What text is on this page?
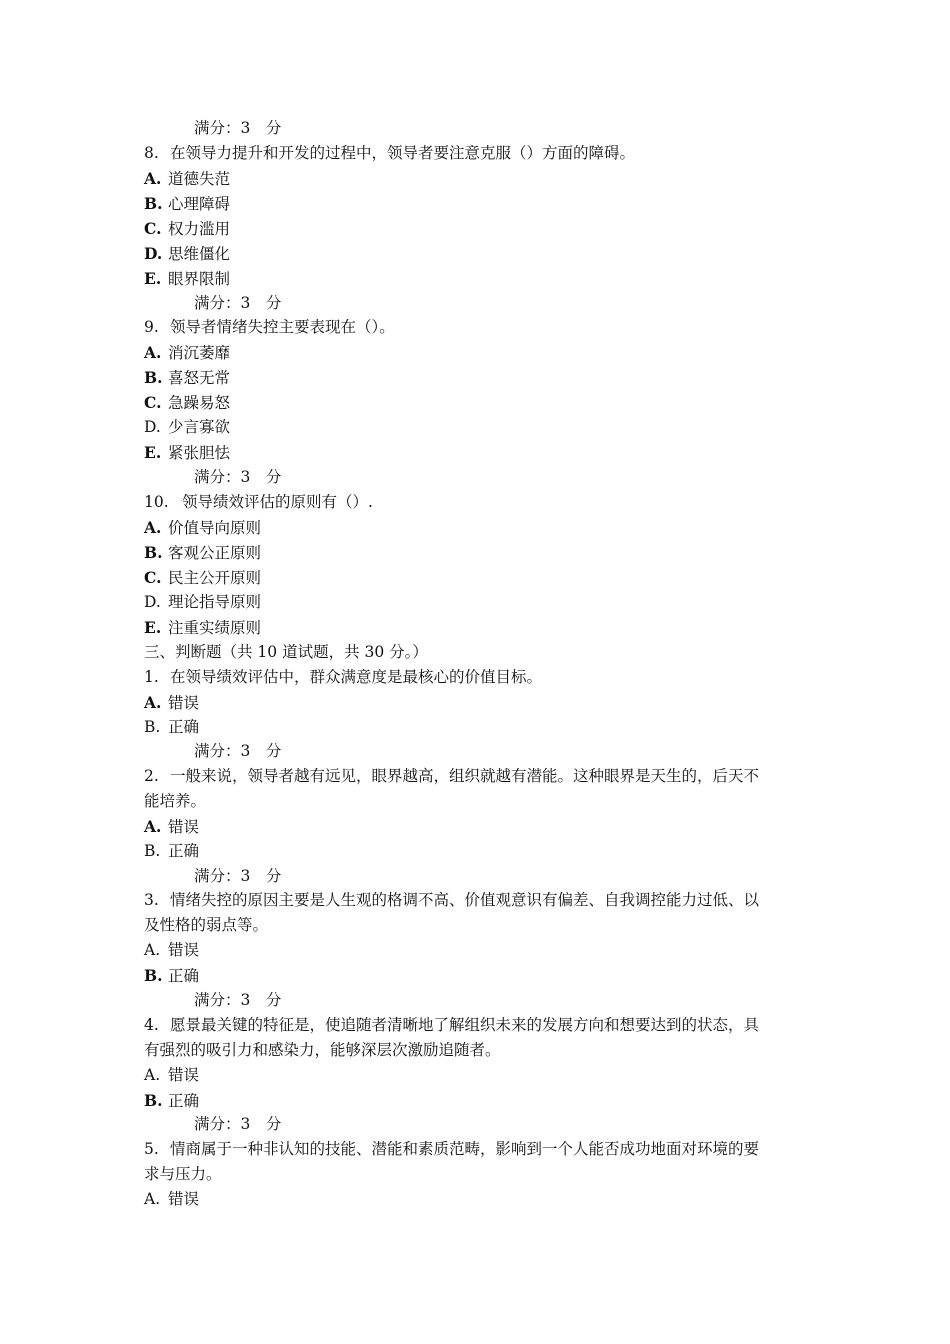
满分：3　分
8. 在领导力提升和开发的过程中，领导者要注意克服（）方面的障碍。
A. 道德失范
B. 心理障碍
C. 权力滥用
D. 思维僵化
E. 眼界限制
满分：3　分
9. 领导者情绪失控主要表现在（）。
A. 消沉萎靡
B. 喜怒无常
C. 急躁易怒
D. 少言寡欲
E. 紧张胆怯
满分：3　分
10. 领导绩效评估的原则有（）.
A. 价值导向原则
B. 客观公正原则
C. 民主公开原则
D. 理论指导原则
E. 注重实绩原则
三、判断题（共 10 道试题，共 30 分。）
1. 在领导绩效评估中，群众满意度是最核心的价值目标。
A. 错误
B. 正确
满分：3　分
2. 一般来说，领导者越有远见，眼界越高，组织就越有潜能。这种眼界是天生的，后天不
能培养。
A. 错误
B. 正确
满分：3　分
3. 情绪失控的原因主要是人生观的格调不高、价值观意识有偏差、自我调控能力过低、以
及性格的弱点等。
A. 错误
B. 正确
满分：3　分
4. 愿景最关键的特征是，使追随者清晰地了解组织未来的发展方向和想要达到的状态，具
有强烈的吸引力和感染力，能够深层次激励追随者。
A. 错误
B. 正确
满分：3　分
5. 情商属于一种非认知的技能、潜能和素质范畴，影响到一个人能否成功地面对环境的要
求与压力。
A. 错误
